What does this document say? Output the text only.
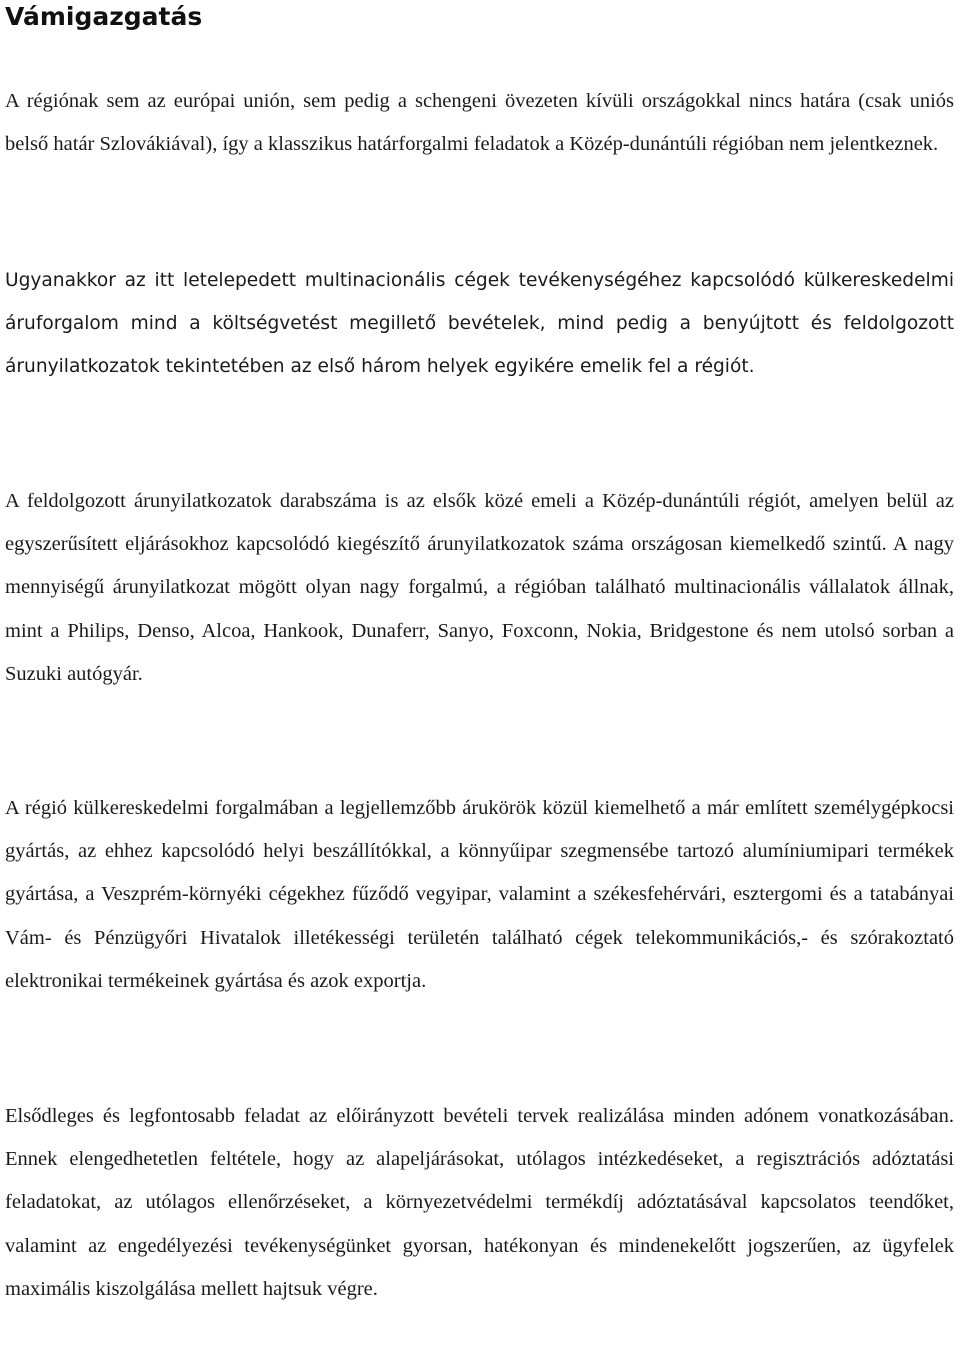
Vámigazgatás

A régiónak sem az európai unión, sem pedig a schengeni övezeten kívüli országokkal nincs határa (csak uniós belső határ Szlovákiával), így a klasszikus határforgalmi feladatok a Közép-dunántúli régióban nem jelentkeznek.

Ugyanakkor az itt letelepedett multinacionális cégek tevékenységéhez kapcsolódó külkereskedelmi áruforgalom mind a költségvetést megillető bevételek, mind pedig a benyújtott és feldolgozott árunyilatkozatok tekintetében az első három helyek egyikére emelik fel a régiót.

A feldolgozott árunyilatkozatok darabszáma is az elsők közé emeli a Közép-dunántúli régiót, amelyen belül az egyszerűsített eljárásokhoz kapcsolódó kiegészítő árunyilatkozatok száma országosan kiemelkedő szintű. A nagy mennyiségű árunyilatkozat mögött olyan nagy forgalmú, a régióban található multinacionális vállalatok állnak, mint a Philips, Denso, Alcoa, Hankook, Dunaferr, Sanyo, Foxconn, Nokia, Bridgestone és nem utolsó sorban a Suzuki autógyár.

A régió külkereskedelmi forgalmában a legjellemzőbb árukörök közül kiemelhető a már említett személygépkocsi gyártás, az ehhez kapcsolódó helyi beszállítókkal, a könnyűipar szegmensébe tartozó alumíniumipari termékek gyártása, a Veszprém-környéki cégekhez fűződő vegyipar, valamint a székesfehérvári, esztergomi és a tatabányai Vám- és Pénzügyőri Hivatalok illetékességi területén található cégek telekommunikációs,- és szórakoztató elektronikai termékeinek gyártása és azok exportja.

Elsődleges és legfontosabb feladat az előirányzott bevételi tervek realizálása minden adónem vonatkozásában. Ennek elengedhetetlen feltétele, hogy az alapeljárásokat, utólagos intézkedéseket, a regisztrációs adóztatási feladatokat, az utólagos ellenőrzéseket, a környezetvédelmi termékdíj adóztatásával kapcsolatos teendőket, valamint az engedélyezési tevékenységünket gyorsan, hatékonyan és mindenekelőtt jogszerűen, az ügyfelek maximális kiszolgálása mellett hajtsuk végre.
